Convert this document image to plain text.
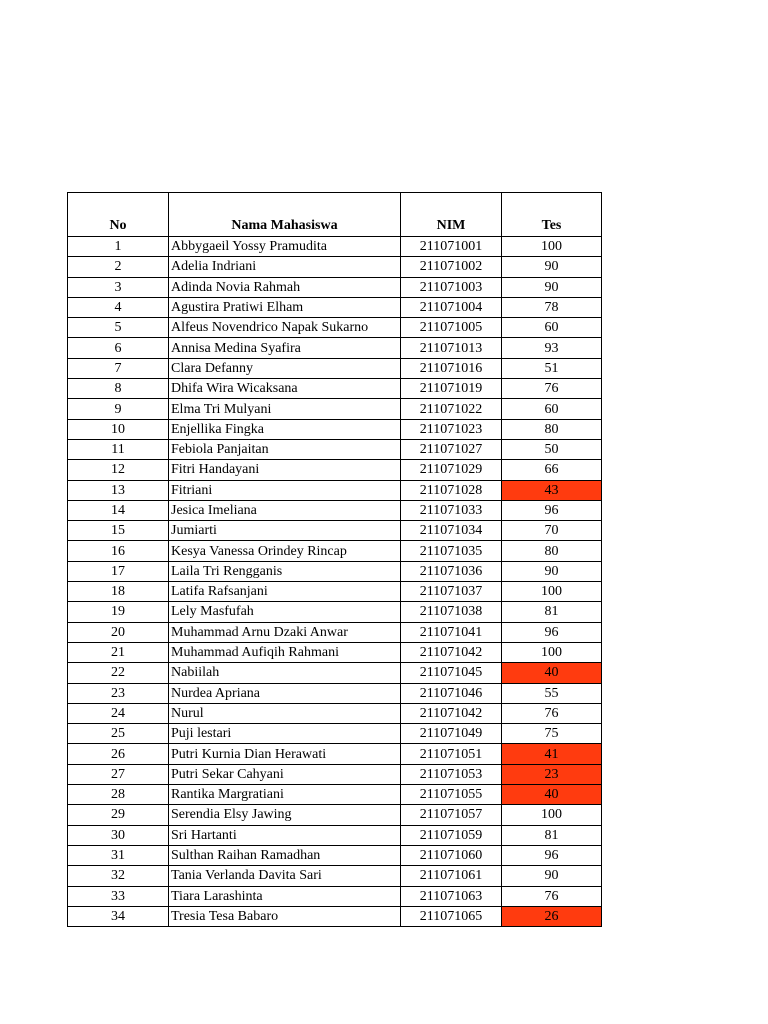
No	Nama Mahasiswa	NIM	Tes
1	Abbygaeil Yossy Pramudita	211071001	100
2	Adelia Indriani	211071002	90
3	Adinda Novia Rahmah	211071003	90
4	Agustira Pratiwi Elham	211071004	78
5	Alfeus Novendrico Napak Sukarno	211071005	60
6	Annisa Medina Syafira	211071013	93
7	Clara Defanny	211071016	51
8	Dhifa Wira Wicaksana	211071019	76
9	Elma Tri Mulyani	211071022	60
10	Enjellika Fingka	211071023	80
11	Febiola Panjaitan	211071027	50
12	Fitri Handayani	211071029	66
13	Fitriani	211071028	43
14	Jesica Imeliana	211071033	96
15	Jumiarti	211071034	70
16	Kesya Vanessa Orindey Rincap	211071035	80
17	Laila Tri Rengganis	211071036	90
18	Latifa Rafsanjani	211071037	100
19	Lely Masfufah	211071038	81
20	Muhammad Arnu Dzaki Anwar	211071041	96
21	Muhammad Aufiqih Rahmani	211071042	100
22	Nabiilah	211071045	40
23	Nurdea Apriana	211071046	55
24	Nurul	211071042	76
25	Puji lestari	211071049	75
26	Putri Kurnia Dian Herawati	211071051	41
27	Putri Sekar Cahyani	211071053	23
28	Rantika Margratiani	211071055	40
29	Serendia Elsy Jawing	211071057	100
30	Sri Hartanti	211071059	81
31	Sulthan Raihan Ramadhan	211071060	96
32	Tania Verlanda Davita Sari	211071061	90
33	Tiara Larashinta	211071063	76
34	Tresia Tesa Babaro	211071065	26
